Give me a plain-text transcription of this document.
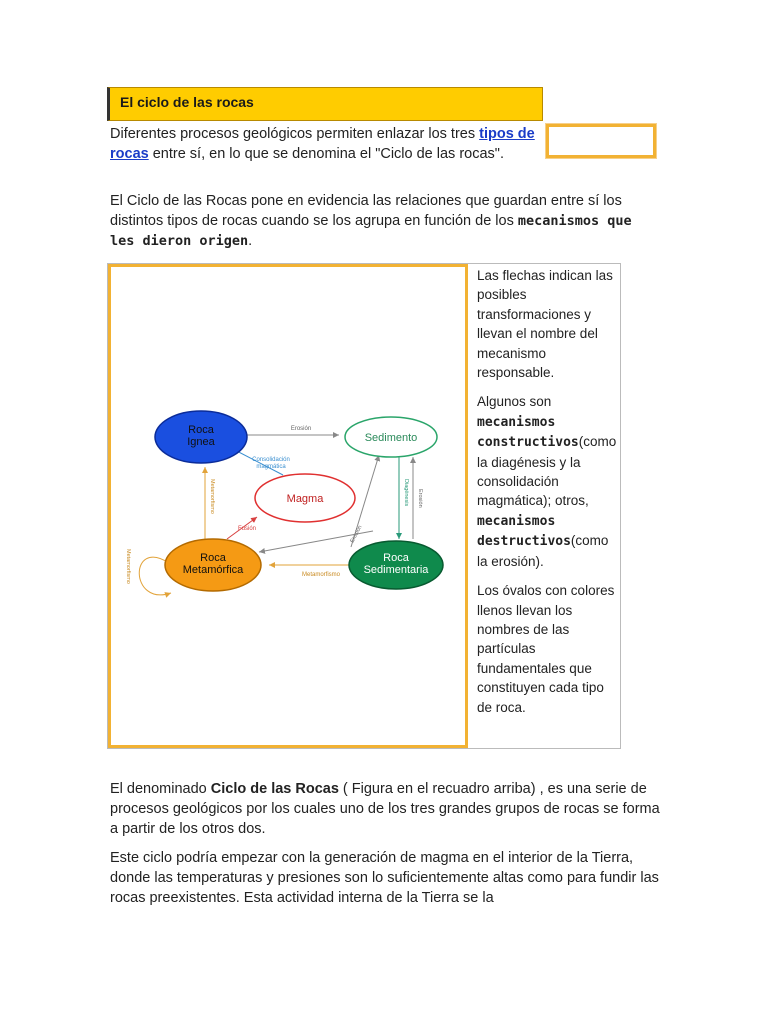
El ciclo de las rocas
Diferentes procesos geológicos permiten enlazar los tres tipos de rocas entre sí, en lo que se denomina el "Ciclo de las rocas".
El Ciclo de las Rocas pone en evidencia las relaciones que guardan entre sí los distintos tipos de rocas cuando se los agrupa en función de los mecanismos que les dieron origen.
Roca
Ignea	Sedimento
Magma
Roca
Metamórfica
Roca
Sedimentaria
Erosión
Consolidación
magmática
Metamorfismo
Metamorfismo
Fusión
Metamorfismo
Erosión
Diagénesis Erosión

Las flechas indican las posibles transformaciones y llevan el nombre del mecanismo responsable.

Algunos son mecanismos constructivos(como la diagénesis y la consolidación magmática); otros, mecanismos destructivos(como la erosión).

Los óvalos con colores llenos llevan los nombres de las partículas fundamentales que constituyen cada tipo de roca.

El denominado Ciclo de las Rocas ( Figura en el recuadro arriba) , es una serie de procesos geológicos por los cuales uno de los tres grandes grupos de rocas se forma a partir de los otros dos.
Este ciclo podría empezar con la generación de magma en el interior de la Tierra, donde las temperaturas y presiones son lo suficientemente altas como para fundir las rocas preexistentes. Esta actividad interna de la Tierra se la
